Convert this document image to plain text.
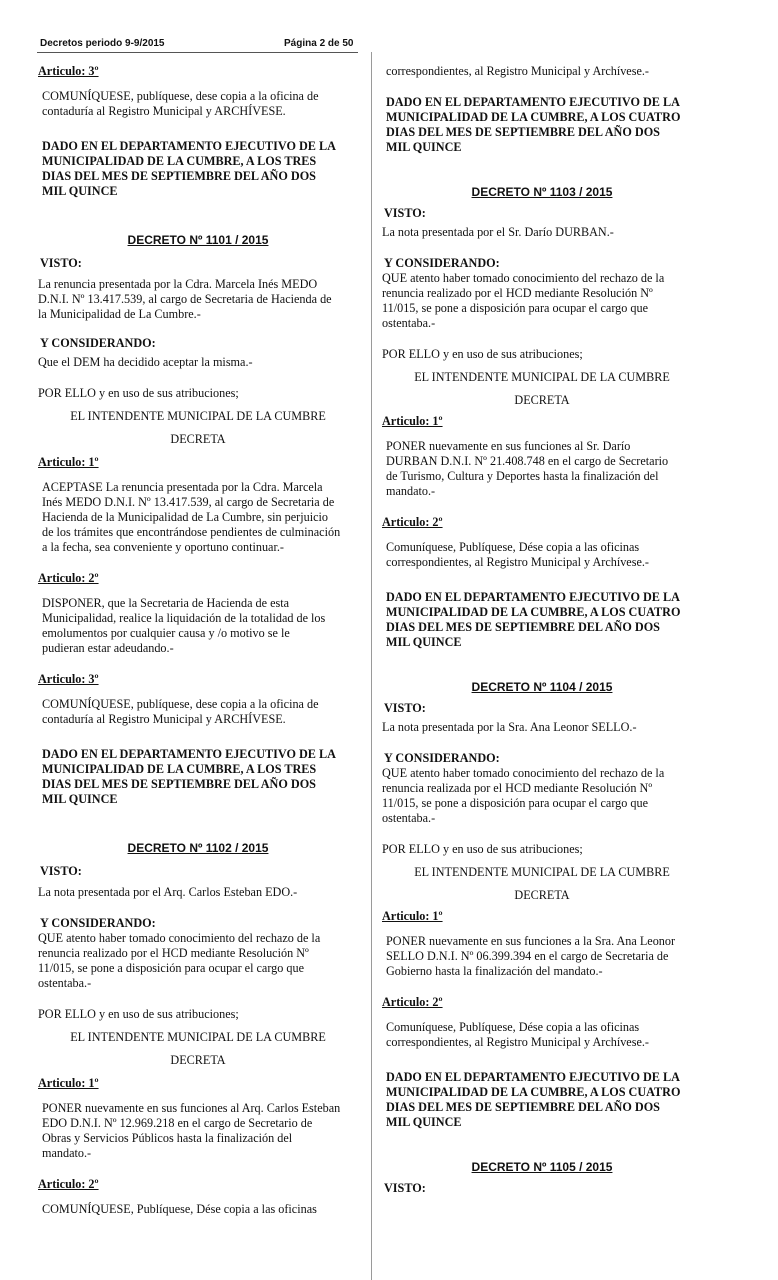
Decretos periodo 9-9/2015	Página 2 de 50
Articulo: 3º

COMUNÍQUESE, publíquese, dese copia a la oficina de

contaduría al Registro Municipal y ARCHÍVESE.

DADO EN EL DEPARTAMENTO EJECUTIVO DE LA

MUNICIPALIDAD DE LA CUMBRE, A LOS TRES

DIAS DEL MES DE SEPTIEMBRE DEL AÑO DOS

MIL QUINCE

DECRETO Nº 1101 / 2015

VISTO:

La renuncia presentada por la Cdra. Marcela Inés MEDO

D.N.I. Nº 13.417.539, al cargo de Secretaria de Hacienda de

la Municipalidad de La Cumbre.-

Y CONSIDERANDO:

Que el DEM ha decidido aceptar la misma.-

POR ELLO y en uso de sus atribuciones;

EL INTENDENTE MUNICIPAL DE LA CUMBRE

DECRETA

Articulo: 1º

ACEPTASE La renuncia presentada por la Cdra. Marcela

Inés MEDO D.N.I. Nº 13.417.539, al cargo de Secretaria de

Hacienda de la Municipalidad de La Cumbre, sin perjuicio

de los trámites que encontrándose pendientes de culminación

a la fecha, sea conveniente y oportuno continuar.-

Articulo: 2º

DISPONER, que la Secretaria de Hacienda de esta

Municipalidad, realice la liquidación de la totalidad de los

emolumentos por cualquier causa y /o motivo se le

pudieran estar adeudando.-

Articulo: 3º

COMUNÍQUESE, publíquese, dese copia a la oficina de

contaduría al Registro Municipal y ARCHÍVESE.

DADO EN EL DEPARTAMENTO EJECUTIVO DE LA

MUNICIPALIDAD DE LA CUMBRE, A LOS TRES

DIAS DEL MES DE SEPTIEMBRE DEL AÑO DOS

MIL QUINCE

DECRETO Nº 1102 / 2015

VISTO:

La nota presentada por el Arq. Carlos Esteban EDO.-

Y CONSIDERANDO:

QUE atento haber tomado conocimiento del rechazo de la

renuncia realizado por el HCD mediante Resolución Nº

11/015, se pone a disposición para ocupar el cargo que

ostentaba.-

POR ELLO y en uso de sus atribuciones;

EL INTENDENTE MUNICIPAL DE LA CUMBRE

DECRETA

Articulo: 1º

PONER nuevamente en sus funciones al Arq. Carlos Esteban

EDO D.N.I. Nº 12.969.218 en el cargo de Secretario de

Obras y Servicios Públicos hasta la finalización del

mandato.-

Articulo: 2º

COMUNÍQUESE, Publíquese, Dése copia a las oficinas

correspondientes, al Registro Municipal y Archívese.-

DADO EN EL DEPARTAMENTO EJECUTIVO DE LA

MUNICIPALIDAD DE LA CUMBRE, A LOS CUATRO

DIAS DEL MES DE SEPTIEMBRE DEL AÑO DOS

MIL QUINCE

DECRETO Nº 1103 / 2015

VISTO:

La nota presentada por el Sr. Darío DURBAN.-

Y CONSIDERANDO:

QUE atento haber tomado conocimiento del rechazo de la

renuncia realizado por el HCD mediante Resolución Nº

11/015, se pone a disposición para ocupar el cargo que

ostentaba.-

POR ELLO y en uso de sus atribuciones;

EL INTENDENTE MUNICIPAL DE LA CUMBRE

DECRETA

Articulo: 1º

PONER nuevamente en sus funciones al Sr. Darío

DURBAN D.N.I. Nº 21.408.748 en el cargo de Secretario

de Turismo, Cultura y Deportes hasta la finalización del

mandato.-

Articulo: 2º

Comuníquese, Publíquese, Dése copia a las oficinas

correspondientes, al Registro Municipal y Archívese.-

DADO EN EL DEPARTAMENTO EJECUTIVO DE LA

MUNICIPALIDAD DE LA CUMBRE, A LOS CUATRO

DIAS DEL MES DE SEPTIEMBRE DEL AÑO DOS

MIL QUINCE

DECRETO Nº 1104 / 2015

VISTO:

La nota presentada por la Sra. Ana Leonor SELLO.-

Y CONSIDERANDO:

QUE atento haber tomado conocimiento del rechazo de la

renuncia realizada por el HCD mediante Resolución Nº

11/015, se pone a disposición para ocupar el cargo que

ostentaba.-

POR ELLO y en uso de sus atribuciones;

EL INTENDENTE MUNICIPAL DE LA CUMBRE

DECRETA

Articulo: 1º

PONER nuevamente en sus funciones a la Sra. Ana Leonor

SELLO D.N.I. Nº 06.399.394 en el cargo de Secretaria de

Gobierno hasta la finalización del mandato.-

Articulo: 2º

Comuníquese, Publíquese, Dése copia a las oficinas

correspondientes, al Registro Municipal y Archívese.-

DADO EN EL DEPARTAMENTO EJECUTIVO DE LA

MUNICIPALIDAD DE LA CUMBRE, A LOS CUATRO

DIAS DEL MES DE SEPTIEMBRE DEL AÑO DOS

MIL QUINCE

DECRETO Nº 1105 / 2015

VISTO:
